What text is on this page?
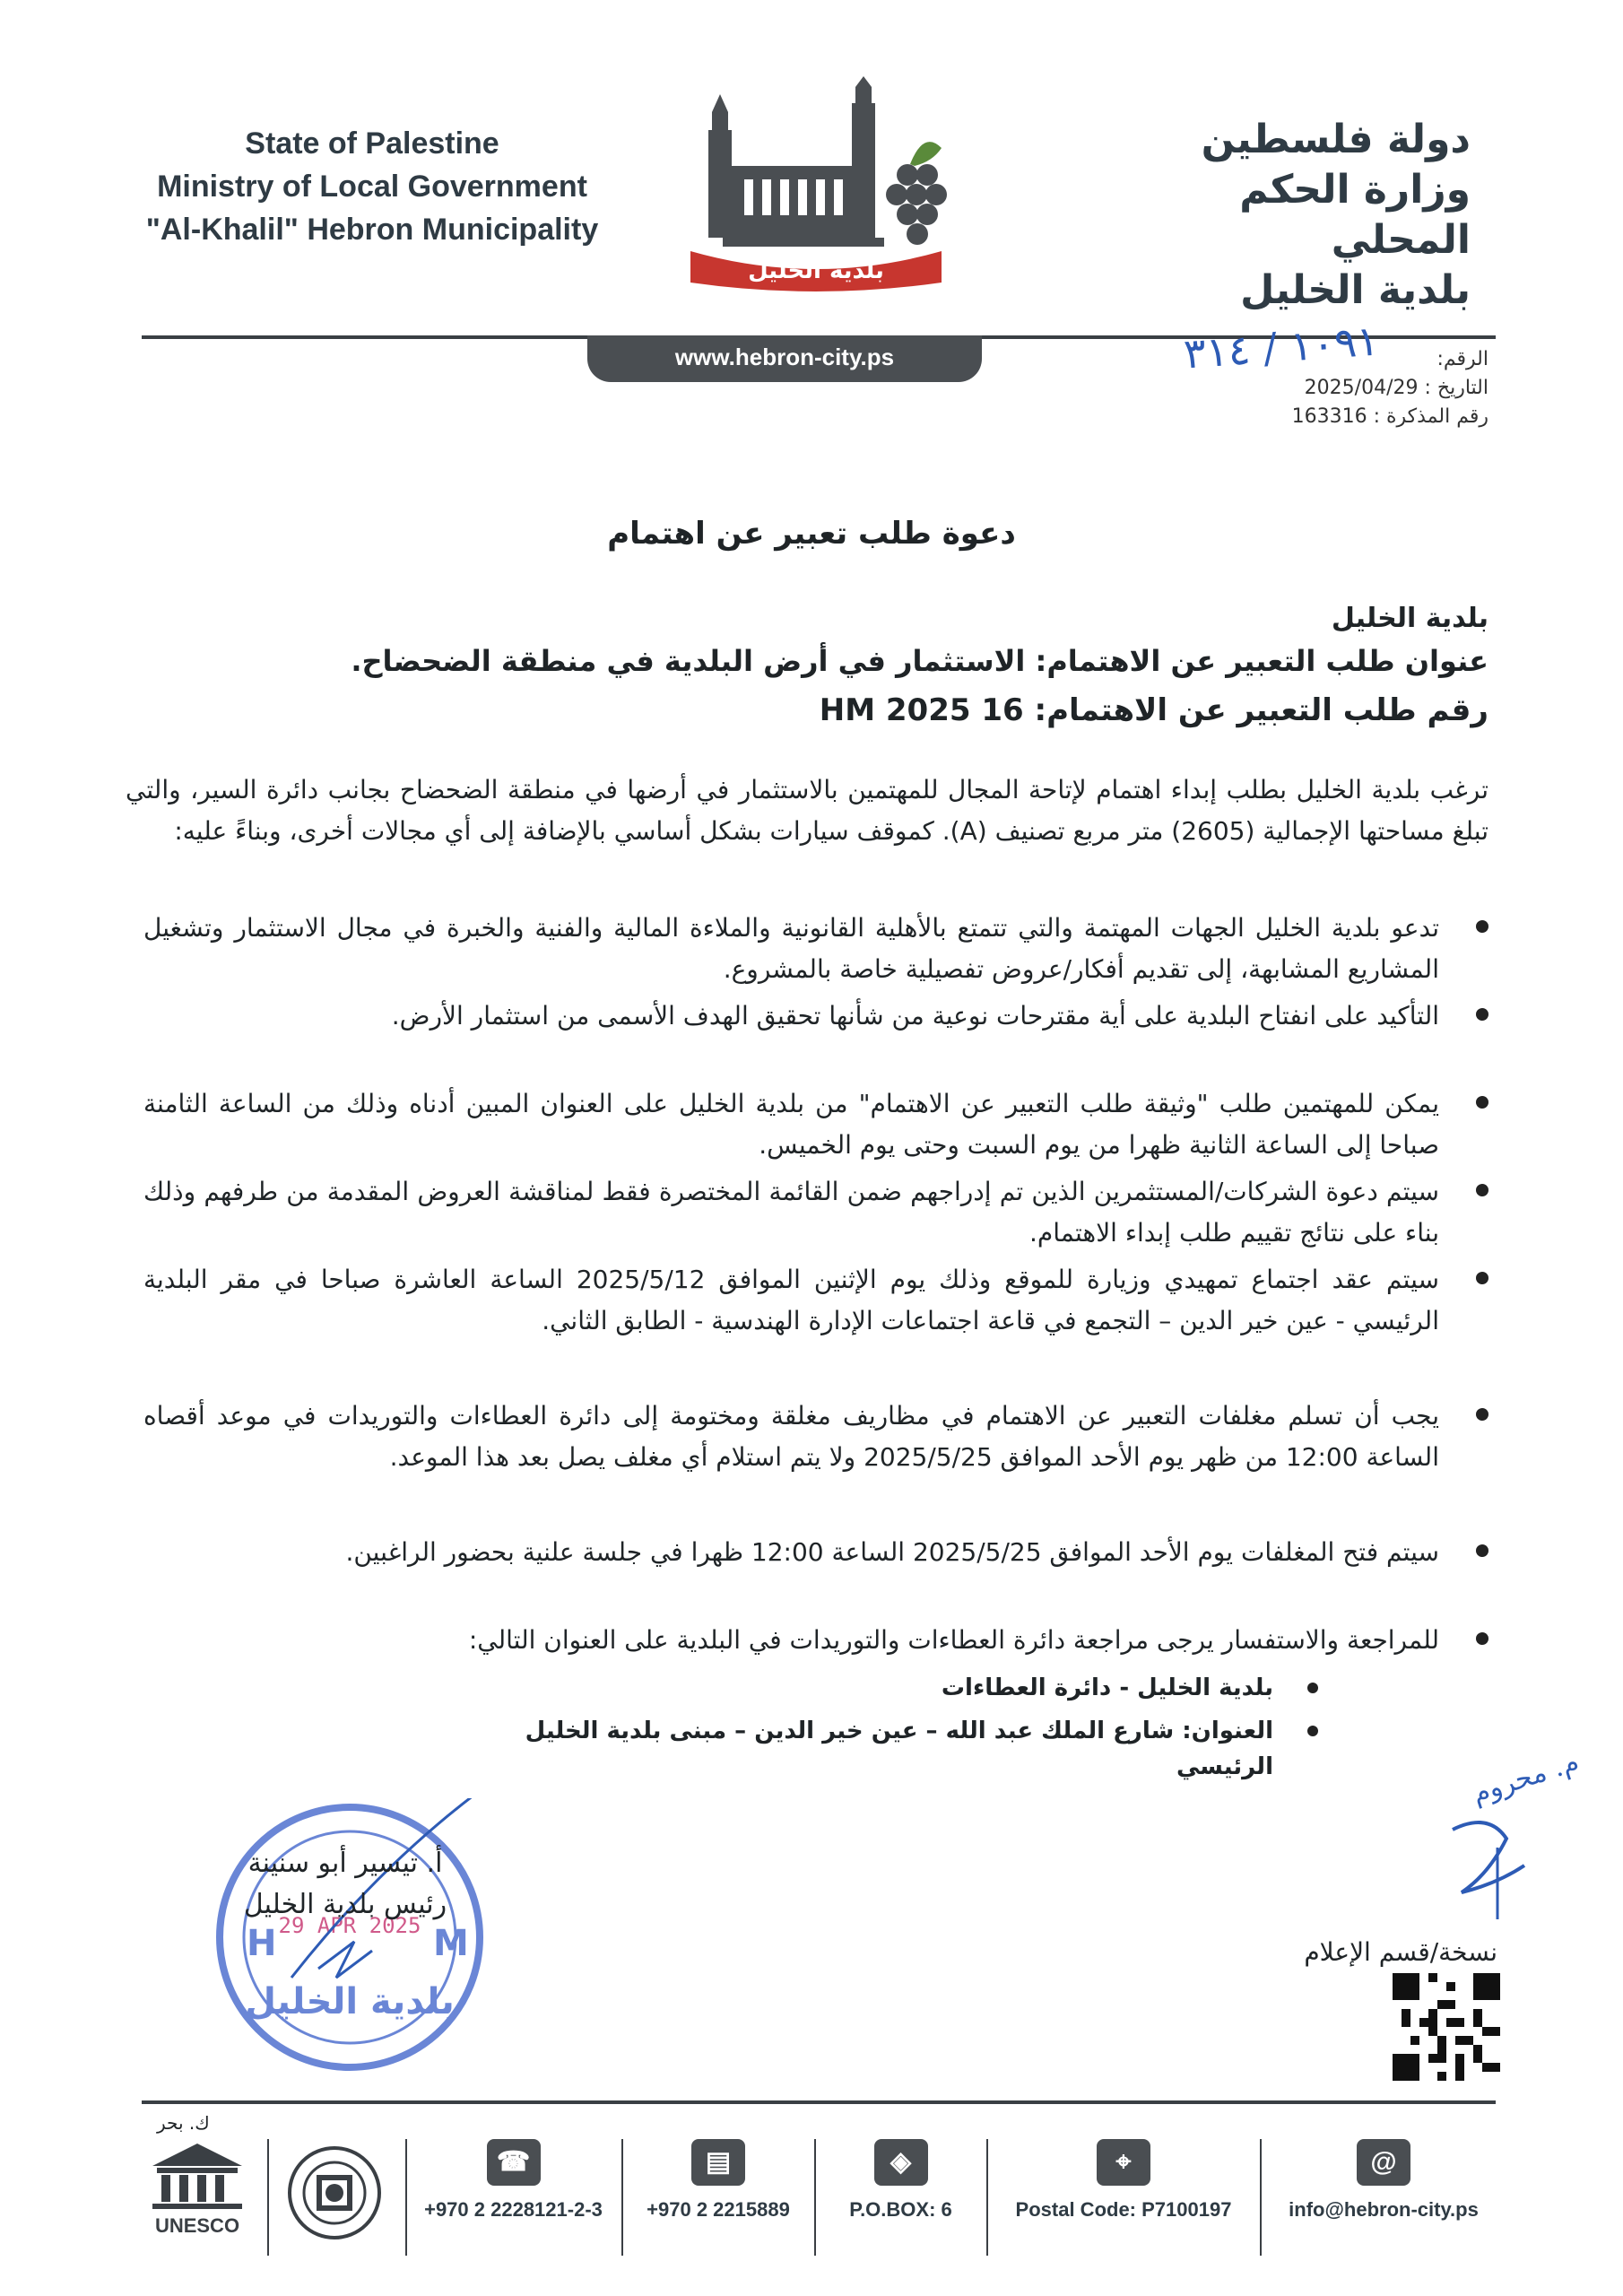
State of Palestine
Ministry of Local Government
"Al-Khalil" Hebron Municipality
دولة فلسطين
وزارة الحكم المحلي
بلدية الخليل
بلدية الخليل
www.hebron-city.ps	١٠٩١ / ٣١٤	الرقم:
التاريخ : 2025/04/29
رقم المذكرة : 163316
دعوة طلب تعبير عن اهتمام
بلدية الخليل
عنوان طلب التعبير عن الاهتمام: الاستثمار في أرض البلدية في منطقة الضحضاح.
رقم طلب التعبير عن الاهتمام: 16 2025 HM
ترغب بلدية الخليل بطلب إبداء اهتمام لإتاحة المجال للمهتمين بالاستثمار في أرضها في منطقة الضحضاح بجانب دائرة السير، والتي تبلغ مساحتها الإجمالية (2605) متر مربع تصنيف (A). كموقف سيارات بشكل أساسي بالإضافة إلى أي مجالات أخرى، وبناءً عليه:
تدعو بلدية الخليل الجهات المهتمة والتي تتمتع بالأهلية القانونية والملاءة المالية والفنية والخبرة في مجال الاستثمار وتشغيل المشاريع المشابهة، إلى تقديم أفكار/عروض تفصيلية خاصة بالمشروع.
التأكيد على انفتاح البلدية على أية مقترحات نوعية من شأنها تحقيق الهدف الأسمى من استثمار الأرض.
يمكن للمهتمين طلب "وثيقة طلب التعبير عن الاهتمام" من بلدية الخليل على العنوان المبين أدناه وذلك من الساعة الثامنة صباحا إلى الساعة الثانية ظهرا من يوم السبت وحتى يوم الخميس.
سيتم دعوة الشركات/المستثمرين الذين تم إدراجهم ضمن القائمة المختصرة فقط لمناقشة العروض المقدمة من طرفهم وذلك بناء على نتائج تقييم طلب إبداء الاهتمام.
سيتم عقد اجتماع تمهيدي وزيارة للموقع وذلك يوم الإثنين الموافق 2025/5/12 الساعة العاشرة صباحا في مقر البلدية الرئيسي - عين خير الدين – التجمع في قاعة اجتماعات الإدارة الهندسية - الطابق الثاني.
يجب أن تسلم مغلفات التعبير عن الاهتمام في مظاريف مغلقة ومختومة إلى دائرة العطاءات والتوريدات في موعد أقصاه الساعة 12:00 من ظهر يوم الأحد الموافق 2025/5/25 ولا يتم استلام أي مغلف يصل بعد هذا الموعد.
سيتم فتح المغلفات يوم الأحد الموافق 2025/5/25 الساعة 12:00 ظهرا في جلسة علنية بحضور الراغبين.
للمراجعة والاستفسار يرجى مراجعة دائرة العطاءات والتوريدات في البلدية على العنوان التالي:
بلدية الخليل - دائرة العطاءات
العنوان: شارع الملك عبد الله – عين خير الدين – مبنى بلدية الخليل الرئيسي
H	M
بلدية الخليل
29 APR 2025
أ. تيسير أبو سنينة
رئيس بلدية الخليل
م. محروم
نسخة/قسم الإعلام
ك. بحر
UNESCO
☎
+970 2 2228121-2-3
▤
+970 2 2215889
◈
P.O.BOX: 6
⌖
Postal Code: P7100197
@
info@hebron-city.ps
